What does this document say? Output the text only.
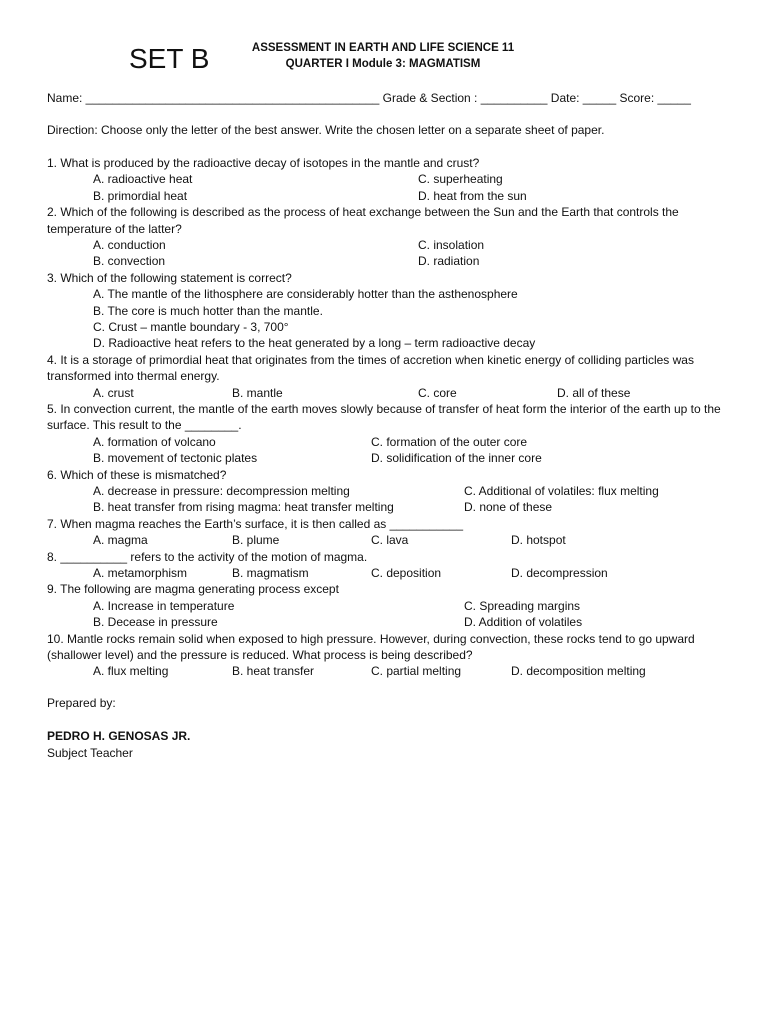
SET B	ASSESSMENT IN EARTH AND LIFE SCIENCE 11
QUARTER I Module 3: MAGMATISM
Name: ____________________________________________ Grade & Section : __________ Date: _____ Score: _____
Direction: Choose only the letter of the best answer. Write the chosen letter on a separate sheet of paper.
1. What is produced by the radioactive decay of isotopes in the mantle and crust?
A. radioactive heat	C. superheating
B. primordial heat	D. heat from the sun
2. Which of the following is described as the process of heat exchange between the Sun and the Earth that controls the temperature of the latter?
A. conduction	C. insolation
B. convection	D. radiation
3. Which of the following statement is correct?
A. The mantle of the lithosphere are considerably hotter than the asthenosphere
B. The core is much hotter than the mantle.
C. Crust – mantle boundary - 3, 700°
D. Radioactive heat refers to the heat generated by a long – term radioactive decay
4. It is a storage of primordial heat that originates from the times of accretion when kinetic energy of colliding particles was transformed into thermal energy.
A. crust	B. mantle	C. core	D. all of these
5. In convection current, the mantle of the earth moves slowly because of transfer of heat form the interior of the earth up to the surface. This result to the ________.
A. formation of volcano	C. formation of the outer core
B. movement of tectonic plates	D. solidification of the inner core
6. Which of these is mismatched?
A. decrease in pressure: decompression melting	C. Additional of volatiles: flux melting
B. heat transfer from rising magma: heat transfer melting	D. none of these
7. When magma reaches the Earth’s surface, it is then called as ___________
A. magma	B. plume	C. lava	D. hotspot
8. __________ refers to the activity of the motion of magma.
A. metamorphism	B. magmatism	C. deposition	D. decompression
9. The following are magma generating process except
A. Increase in temperature	C. Spreading margins
B. Decease in pressure	D. Addition of volatiles
10. Mantle rocks remain solid when exposed to high pressure. However, during convection, these rocks tend to go upward (shallower level) and the pressure is reduced. What process is being described?
A. flux melting	B. heat transfer	C. partial melting	D. decomposition melting

Prepared by:

PEDRO H. GENOSAS JR.

Subject Teacher
